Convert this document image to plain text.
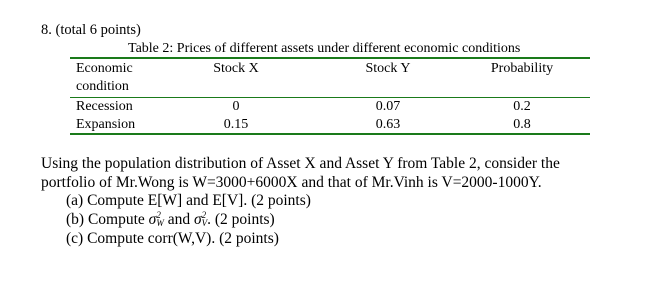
8. (total 6 points)
Table 2: Prices of different assets under different economic conditions
Economic
condition
Stock X	Stock Y	Probability
Recession	0	0.07	0.2
Expansion	0.15	0.63	0.8
Using the population distribution of Asset X and Asset Y from Table 2, consider the
portfolio of Mr.Wong is W=3000+6000X and that of Mr.Vinh is V=2000-1000Y.
(a) Compute E[W] and E[V]. (2 points)
(b) Compute σ 2
W and σ 2
V . (2 points)
(c) Compute corr(W,V). (2 points)
